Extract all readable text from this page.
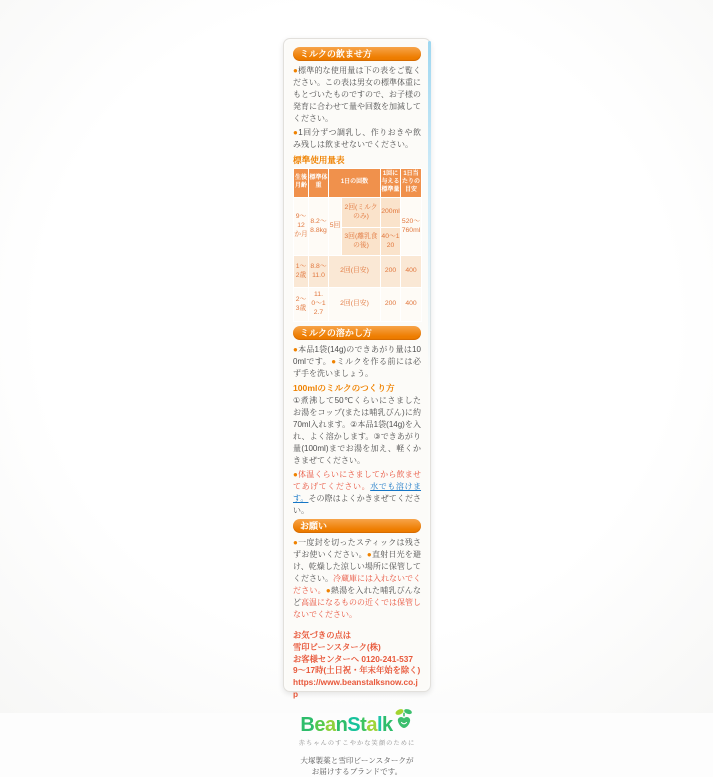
ミルクの飲ませ方

●標準的な使用量は下の表をご覧ください。この表は男女の標準体重にもとづいたものですので、お子様の発育に合わせて量や回数を加減してください。

●1回分ずつ調乳し、作りおきや飲み残しは飲ませないでください。

標準使用量表
生後月齢	標準体重	1日の回数		1回に与える標準量	1日当たりの目安
9〜12か月	8.2〜8.8kg	5回	2回(ミルクのみ)	200ml	520〜760ml
			3回(離乳食の後)	40〜120	
1〜2歳	8.8〜11.0	2回(目安)		200	400
2〜3歳	11.0〜12.7	2回(目安)		200	400
ミルクの溶かし方

●本品1袋(14g)のできあがり量は100mlです。●ミルクを作る前には必ず手を洗いましょう。

100mlのミルクのつくり方

①煮沸して50℃くらいにさましたお湯をコップ(または哺乳びん)に約70ml入れます。②本品1袋(14g)を入れ、よく溶かします。③できあがり量(100ml)までお湯を加え、軽くかきまぜてください。

●体温くらいにさましてから飲ませてあげてください。水でも溶けます。その際はよくかきまぜてください。

お願い

●一度封を切ったスティックは残さずお使いください。●直射日光を避け、乾燥した涼しい場所に保管してください。冷蔵庫には入れないでください。●熱湯を入れた哺乳びんなど高温になるものの近くでは保管しないでください。

お気づきの点は
雪印ビーンスターク(株)
お客様センターへ 0120-241-537
9〜17時(土日祝・年末年始を除く)
https://www.beanstalksnow.co.jp
B e a n S t a l k
赤ちゃんのすこやかな笑顔のために
大塚製薬と雪印ビーンスタークが
お届けするブランドです。
